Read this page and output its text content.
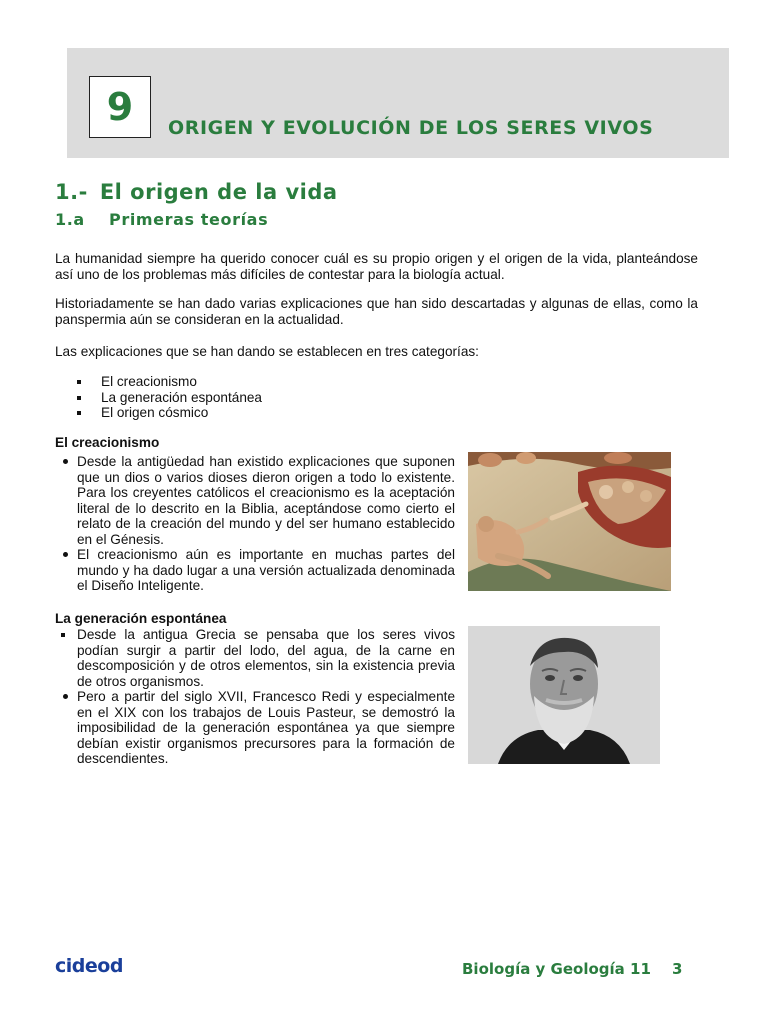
9 ORIGEN Y EVOLUCIÓN DE LOS SERES VIVOS
1.- El origen de la vida
1.a Primeras teorías

La humanidad siempre ha querido conocer cuál es su propio origen y el origen de la vida, planteándose así uno de los problemas más difíciles de contestar para la biología actual.

Historiadamente se han dado varias explicaciones que han sido descartadas y algunas de ellas, como la panspermia aún se consideran en la actualidad.

Las explicaciones que se han dando se establecen en tres categorías:

El creacionismo
La generación espontánea
El origen cósmico
El creacionismo
Desde la antigüedad han existido explicaciones que suponen que un dios o varios dioses dieron origen a todo lo existente. Para los creyentes católicos el creacionismo es la aceptación literal de lo descrito en la Biblia, aceptándose como cierto el relato de la creación del mundo y del ser humano establecido en el Génesis.
El creacionismo aún es importante en muchas partes del mundo y ha dado lugar a una versión actualizada denominada el Diseño Inteligente.
La generación espontánea
Desde la antigua Grecia se pensaba que los seres vivos podían surgir a partir del lodo, del agua, de la carne en descomposición y de otros elementos, sin la existencia previa de otros organismos.
Pero a partir del siglo XVII, Francesco Redi y especialmente en el XIX con los trabajos de Louis Pasteur, se demostró la imposibilidad de la generación espontánea ya que siempre debían existir organismos precursores para la formación de descendientes.
cideod	Biología y Geología 11 3
